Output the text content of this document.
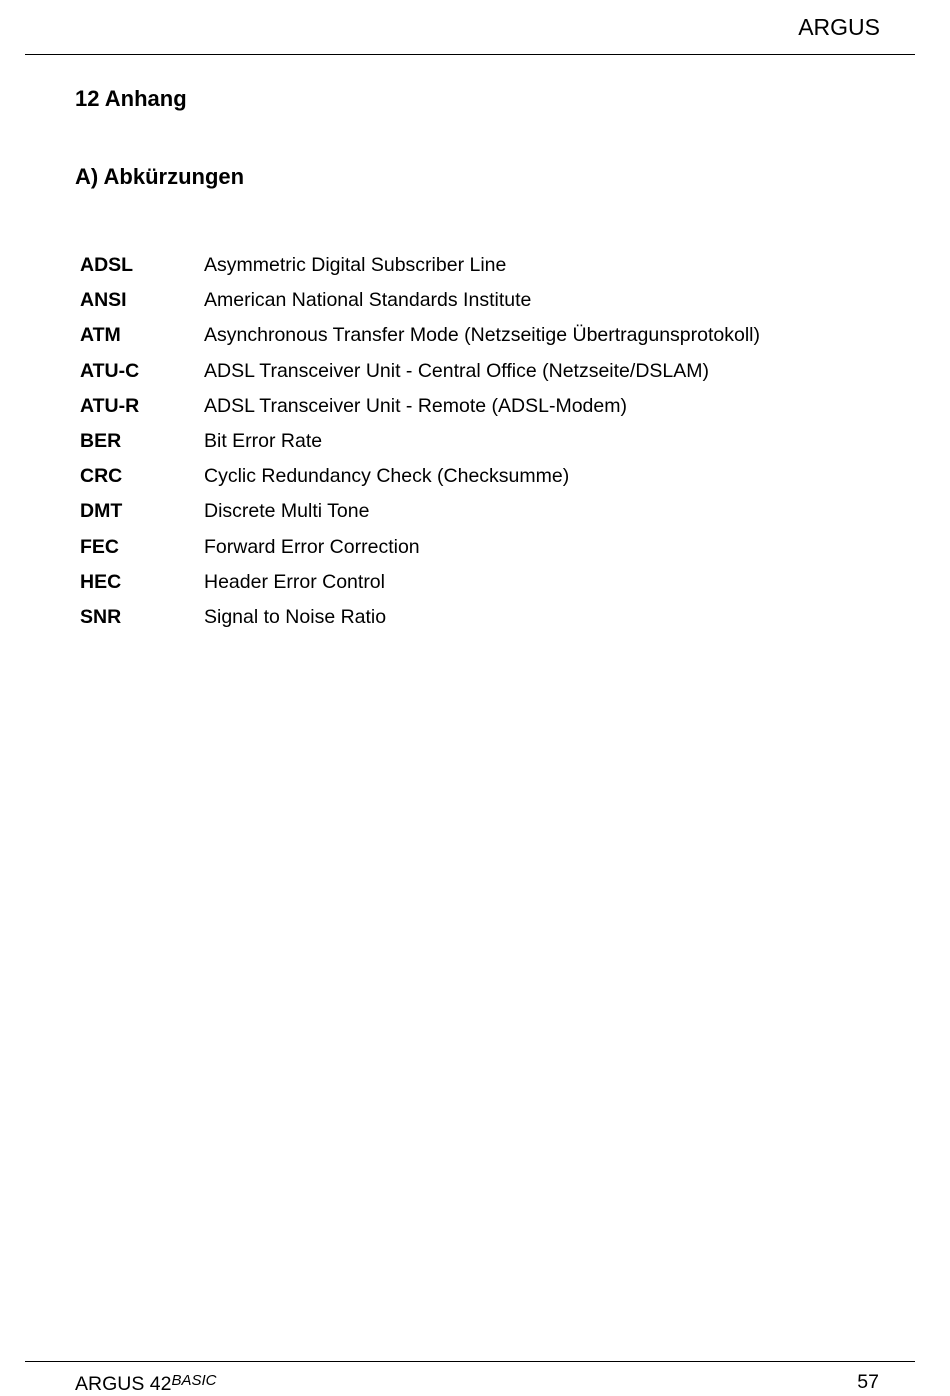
ARGUS
12 Anhang
A) Abkürzungen
ADSL	Asymmetric Digital Subscriber Line
ANSI	American National Standards Institute
ATM	Asynchronous Transfer Mode (Netzseitige Übertragunsprotokoll)
ATU-C	ADSL Transceiver Unit - Central Office (Netzseite/DSLAM)
ATU-R	ADSL Transceiver Unit - Remote (ADSL-Modem)
BER	Bit Error Rate
CRC	Cyclic Redundancy Check (Checksumme)
DMT	Discrete Multi Tone
FEC	Forward Error Correction
HEC	Header Error Control
SNR	Signal to Noise Ratio
ARGUS $42^{BASIC}$	57
